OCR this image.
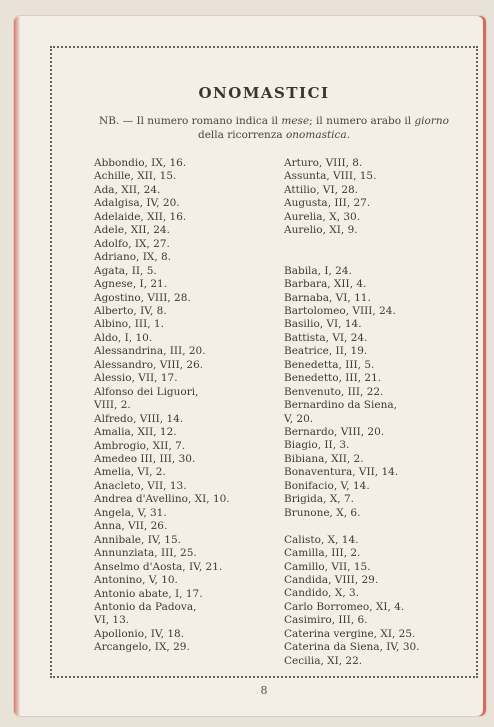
ONOMASTICI
NB. — Il numero romano indica il mese; il numero arabo il giorno della ricorrenza onomastica.
Abbondio, IX, 16.
Achille, XII, 15.
Ada, XII, 24.
Adalgisa, IV, 20.
Adelaide, XII, 16.
Adele, XII, 24.
Adolfo, IX, 27.
Adriano, IX, 8.
Agata, II, 5.
Agnese, I, 21.
Agostino, VIII, 28.
Alberto, IV, 8.
Albino, III, 1.
Aldo, I, 10.
Alessandrina, III, 20.
Alessandro, VIII, 26.
Alessio, VII, 17.
Alfonso dei Liguori,
VIII, 2.
Alfredo, VIII, 14.
Amalia, XII, 12.
Ambrogio, XII, 7.
Amedeo III, III, 30.
Amelia, VI, 2.
Anacleto, VII, 13.
Andrea d'Avellino, XI, 10.
Angela, V, 31.
Anna, VII, 26.
Annibale, IV, 15.
Annunziata, III, 25.
Anselmo d'Aosta, IV, 21.
Antonino, V, 10.
Antonio abate, I, 17.
Antonio da Padova,
VI, 13.
Apollonio, IV, 18.
Arcangelo, IX, 29.
Arturo, VIII, 8.
Assunta, VIII, 15.
Attilio, VI, 28.
Augusta, III, 27.
Aurelia, X, 30.
Aurelio, XI, 9.
Babila, I, 24.
Barbara, XII, 4.
Barnaba, VI, 11.
Bartolomeo, VIII, 24.
Basilio, VI, 14.
Battista, VI, 24.
Beatrice, II, 19.
Benedetta, III, 5.
Benedetto, III, 21.
Benvenuto, III, 22.
Bernardino da Siena,
V, 20.
Bernardo, VIII, 20.
Biagio, II, 3.
Bibiana, XII, 2.
Bonaventura, VII, 14.
Bonifacio, V, 14.
Brigida, X, 7.
Brunone, X, 6.
Calisto, X, 14.
Camilla, III, 2.
Camillo, VII, 15.
Candida, VIII, 29.
Candido, X, 3.
Carlo Borromeo, XI, 4.
Casimiro, III, 6.
Caterina vergine, XI, 25.
Caterina da Siena, IV, 30.
Cecilia, XI, 22.
8
